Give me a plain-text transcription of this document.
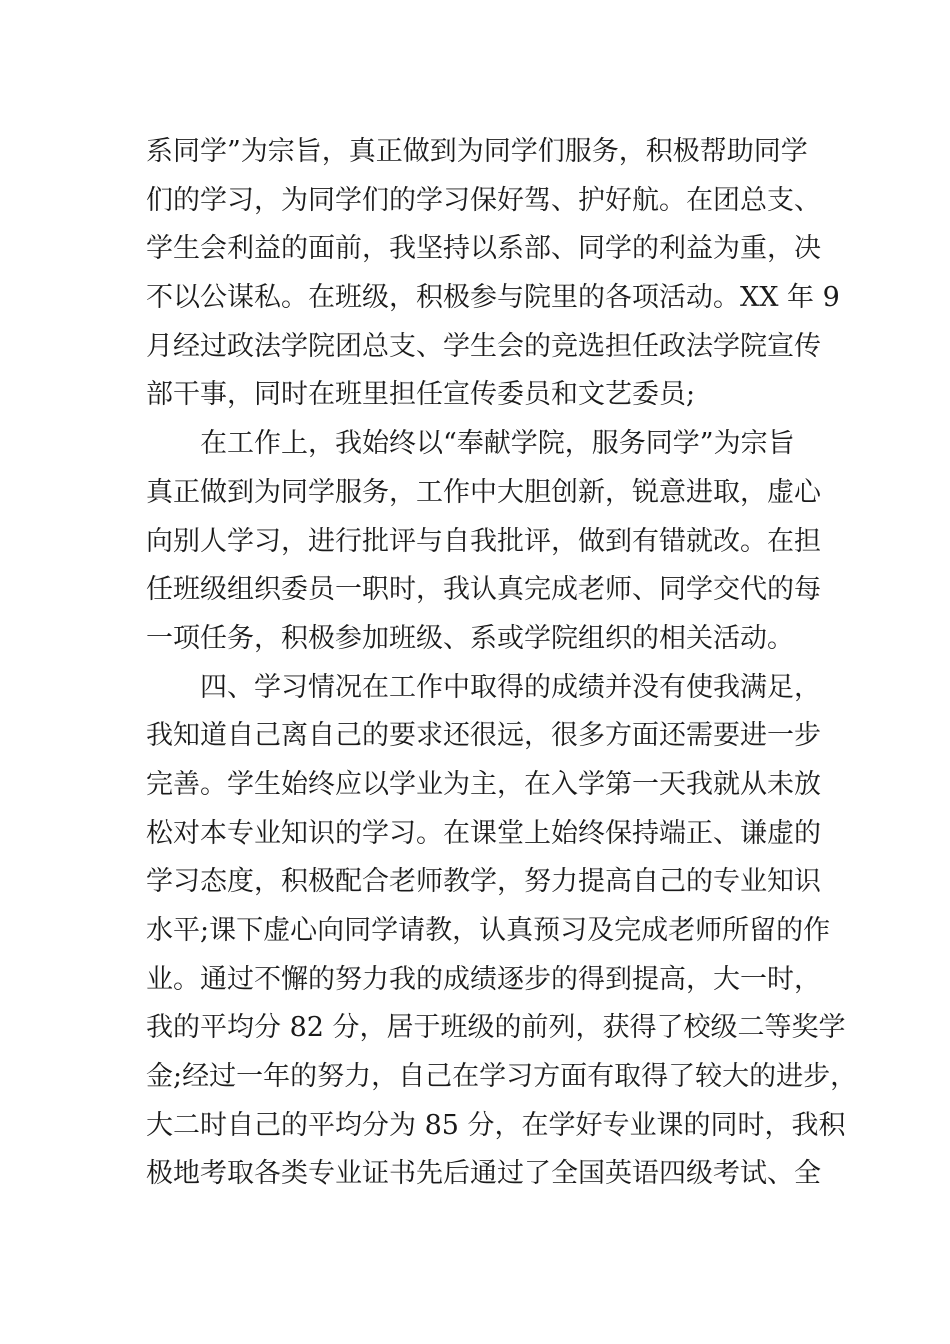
系同学”为宗旨，真正做到为同学们服务，积极帮助同学
们的学习，为同学们的学习保好驾、护好航。在团总支、
学生会利益的面前，我坚持以系部、同学的利益为重，决
不以公谋私。在班级，积极参与院里的各项活动。XX 年 9
月经过政法学院团总支、学生会的竞选担任政法学院宣传
部干事，同时在班里担任宣传委员和文艺委员;
在工作上，我始终以“奉献学院，服务同学”为宗旨
真正做到为同学服务，工作中大胆创新，锐意进取，虚心
向别人学习，进行批评与自我批评，做到有错就改。在担
任班级组织委员一职时，我认真完成老师、同学交代的每
一项任务，积极参加班级、系或学院组织的相关活动。
四、学习情况在工作中取得的成绩并没有使我满足，
我知道自己离自己的要求还很远，很多方面还需要进一步
完善。学生始终应以学业为主，在入学第一天我就从未放
松对本专业知识的学习。在课堂上始终保持端正、谦虚的
学习态度，积极配合老师教学，努力提高自己的专业知识
水平;课下虚心向同学请教，认真预习及完成老师所留的作
业。通过不懈的努力我的成绩逐步的得到提高，大一时，
我的平均分 82 分，居于班级的前列，获得了校级二等奖学
金;经过一年的努力，自己在学习方面有取得了较大的进步，
大二时自己的平均分为 85 分，在学好专业课的同时，我积
极地考取各类专业证书先后通过了全国英语四级考试、全
